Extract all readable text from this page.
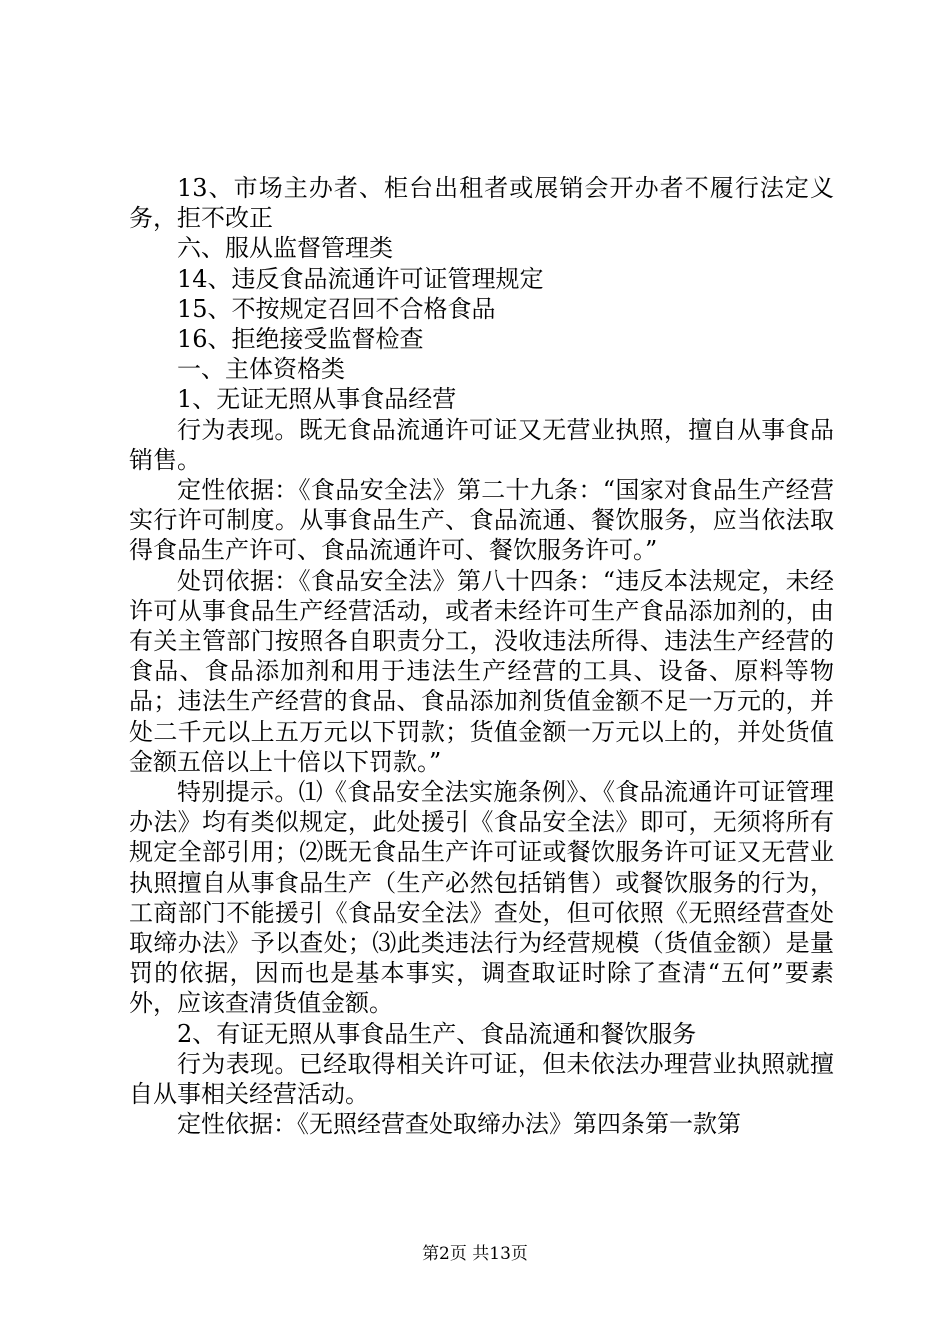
13、市场主办者、柜台出租者或展销会开办者不履行法定义务，拒不改正

六、服从监督管理类

14、违反食品流通许可证管理规定

15、不按规定召回不合格食品

16、拒绝接受监督检查

一、主体资格类

1、无证无照从事食品经营

行为表现。既无食品流通许可证又无营业执照，擅自从事食品销售。

定性依据：《食品安全法》第二十九条：“国家对食品生产经营实行许可制度。从事食品生产、食品流通、餐饮服务，应当依法取得食品生产许可、食品流通许可、餐饮服务许可。”

处罚依据：《食品安全法》第八十四条：“违反本法规定，未经许可从事食品生产经营活动，或者未经许可生产食品添加剂的，由有关主管部门按照各自职责分工，没收违法所得、违法生产经营的食品、食品添加剂和用于违法生产经营的工具、设备、原料等物品；违法生产经营的食品、食品添加剂货值金额不足一万元的，并处二千元以上五万元以下罚款；货值金额一万元以上的，并处货值金额五倍以上十倍以下罚款。”

特别提示。⑴《食品安全法实施条例》、《食品流通许可证管理办法》均有类似规定，此处援引《食品安全法》即可，无须将所有规定全部引用；⑵既无食品生产许可证或餐饮服务许可证又无营业执照擅自从事食品生产（生产必然包括销售）或餐饮服务的行为，工商部门不能援引《食品安全法》查处，但可依照《无照经营查处取缔办法》予以查处；⑶此类违法行为经营规模（货值金额）是量罚的依据，因而也是基本事实，调查取证时除了查清“五何”要素外，应该查清货值金额。

2、有证无照从事食品生产、食品流通和餐饮服务

行为表现。已经取得相关许可证，但未依法办理营业执照就擅自从事相关经营活动。

定性依据：《无照经营查处取缔办法》第四条第一款第

第2页 共13页
